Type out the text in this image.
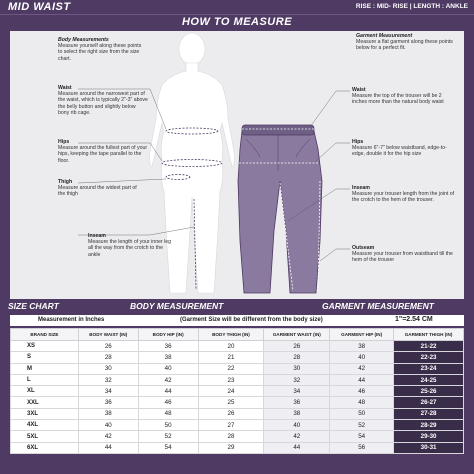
MID WAIST	RISE : MID- RISE | LENGTH : ANKLE
HOW TO MEASURE
Body Measurements
Measure yourself along these points to select the right size from the size chart.
Garment Measurement
Measure a flat garment along these points below for a perfect fit.
Waist
Measure around the narrowest part of the waist, which is typically 2"-3" above the belly button and slightly below bony rib cage.
Hips
Measure around the fullest part of your hips, keeping the tape parallel to the floor.
Thigh
Measure around the widest part of the thigh
Inseam
Measure the length of your inner leg all the way from the crotch to the ankle
Waist
Measure the top of the trouser will be 2 inches more than the natural body waist
Hips
Measure 6"-7" below waistband, edge-to-edge, double it for the hip size
Inseam
Measure your trouser length from the joint of the crotch to the hem of the trouser.
Outseam
Measure your trouser from waistband till the hem of the trouser
SIZE CHART	BODY MEASUREMENT	GARMENT MEASUREMENT
Measurement in Inches	(Garment Size will be different from the body size)	1"=2.54 CM
BRAND SIZE	BODY WAIST (IN)	BODY HIP (IN)	BODY THIGH (IN)	GARMENT WAIST (IN)	GARMENT HIP (IN)	GARMENT THIGH (IN)
XS	26	36	20	26	38	21-22
S	28	38	21	28	40	22-23
M	30	40	22	30	42	23-24
L	32	42	23	32	44	24-25
XL	34	44	24	34	46	25-26
XXL	36	46	25	36	48	26-27
3XL	38	48	26	38	50	27-28
4XL	40	50	27	40	52	28-29
5XL	42	52	28	42	54	29-30
6XL	44	54	29	44	56	30-31
